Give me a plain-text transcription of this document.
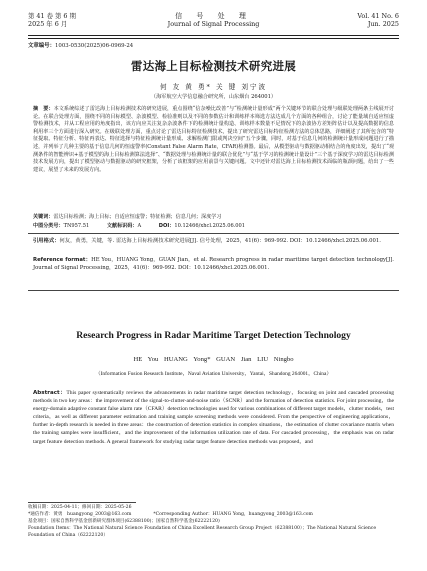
第 41 卷 第 6 期
2025 年 6 月
信 号 处 理
Journal of Signal Processing
Vol. 41 No. 6
Jun. 2025
文章编号：1003-0530(2025)06-0969-24
雷达海上目标检测技术研究进展
何 友 黄 勇* 关 键 刘宁波
（海军航空大学信息融合研究所，山东烟台 264001）
摘　要：本文系统综述了雷达海上目标检测技术的研究进展，重点围绕“信杂噪比改善”与“检测统计量形成”两个关键环节的联合处理与级联处理两条主线展开讨论。在联合处理方面，围绕不同的目标模型、杂波模型、检验准则以及不同的参数估计和训练样本筛选方法达成几个方面的各种组合，讨论了能量域自适应恒虚警检测技术，并从工程应用的角度指出，该方向应关注复杂杂波条件下的检测统计量构造、训练样本数量不足情况下的杂波协方差矩阵估计以及提高数据的信息利用率三个方面进行深入研究。在级联处理方面，重点讨论了雷达目标特征检测技术，提出了研究雷达目标特征检测方法的总体思路，详细阐述了其所包含的“特征提取、特征分析、特征再表达、特征选择与特征检测统计量形成、求解检测门限或判决空间”五个步骤，同时，对基于信息几何的检测统计量形成问题进行了描述，并列举了几种主要的基于信息几何的恒虚警率(Constant False Alarm Rate，CFAR)检测器。最后，从模型驱动与数据驱动相结合的角度出发，提出了“观测条件的智能辨识+基于模型的海上目标检测算法选择”、“数据处理与检测统计量的联合优化”与“基于学习的检测统计量设计”三个基于深度学习的雷达目标检测技术发展方向，提出了模型驱动与数据驱动的研究框架，分析了该框架的应用前景与关键问题。文中还针对雷达海上目标检测技术面临的瓶颈问题，给出了一些建议，展望了未来的发展方向。
关键词：雷达目标检测；海上目标；自适应恒虚警；特征检测；信息几何；深度学习
中图分类号：TN957.51	文献标识码：A	DOI：10.12466/xhcl.2025.06.001
引用格式：何友，黄勇，关键，等. 雷达海上目标检测技术研究进展[J]. 信号处理，2025，41(6)：969-992. DOI：10.12466/xhcl.2025.06.001.
Reference format：HE You，HUANG Yong，GUAN Jian，et al. Research progress in radar maritime target detection technology[J]. Journal of Signal Processing，2025，41(6)：969-992. DOI：10.12466/xhcl.2025.06.001.
Research Progress in Radar Maritime Target Detection Technology
HE You HUANG Yong* GUAN Jian LIU Ningbo
（Information Fusion Research Institute，Naval Aviation University，Yantai，Shandong 264001，China）
Abstract：This paper systematically reviews the advancements in radar maritime target detection technology，focusing on joint and cascaded processing methods in two key areas：the improvement of the signal-to-clutter-and-noise ratio（SCNR）and the formation of detection statistics. For joint processing，the energy-domain adaptive constant false alarm rate（CFAR）detection technologies used for various combinations of different target models，clutter models，test criteria，as well as different parameter estimation and training sample screening methods were considered. From the perspective of engineering applications，further in-depth research is needed in three areas：the construction of detection statistics in complex situations，the estimation of clutter covariance matrix when the training samples were insufficient，and the improvement of the information utilization rate of data. For cascaded processing，the emphasis was on radar target feature detection methods. A general framework for studying radar target feature detection methods was proposed，and
收稿日期：2025-04-11；修回日期：2025-05-26
*通信作者：黄勇　huangyong_2003@163.com	*Corresponding Author：HUANG Yong，huangyong_2003@163.com
基金项目：国家自然科学基金创新研究群体项目(62388100)；国家自然科学基金(62222120)
Foundation Items：The National Natural Science Foundation of China Excellent Research Group Project（62388100）；The National Natural Science Foundation of China（62222120）
